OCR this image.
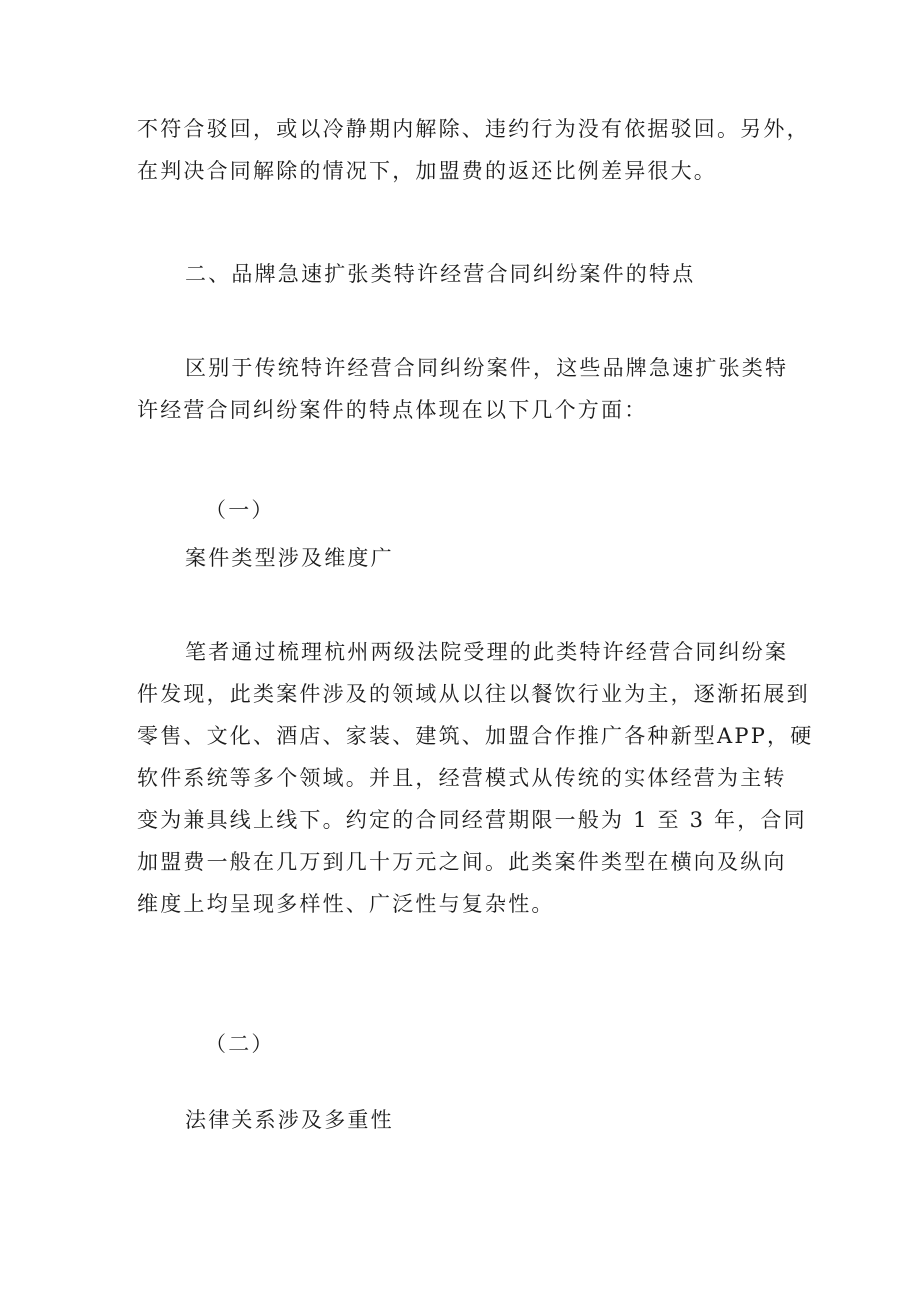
不符合驳回，或以冷静期内解除、违约行为没有依据驳回。另外，
在判决合同解除的情况下，加盟费的返还比例差异很大。
二、品牌急速扩张类特许经营合同纠纷案件的特点
区别于传统特许经营合同纠纷案件，这些品牌急速扩张类特
许经营合同纠纷案件的特点体现在以下几个方面：
（一）
案件类型涉及维度广
笔者通过梳理杭州两级法院受理的此类特许经营合同纠纷案
件发现，此类案件涉及的领域从以往以餐饮行业为主，逐渐拓展到
零售、文化、酒店、家装、建筑、加盟合作推广各种新型APP，硬
软件系统等多个领域。并且，经营模式从传统的实体经营为主转
变为兼具线上线下。约定的合同经营期限一般为 1 至 3 年，合同
加盟费一般在几万到几十万元之间。此类案件类型在横向及纵向
维度上均呈现多样性、广泛性与复杂性。
（二）
法律关系涉及多重性
